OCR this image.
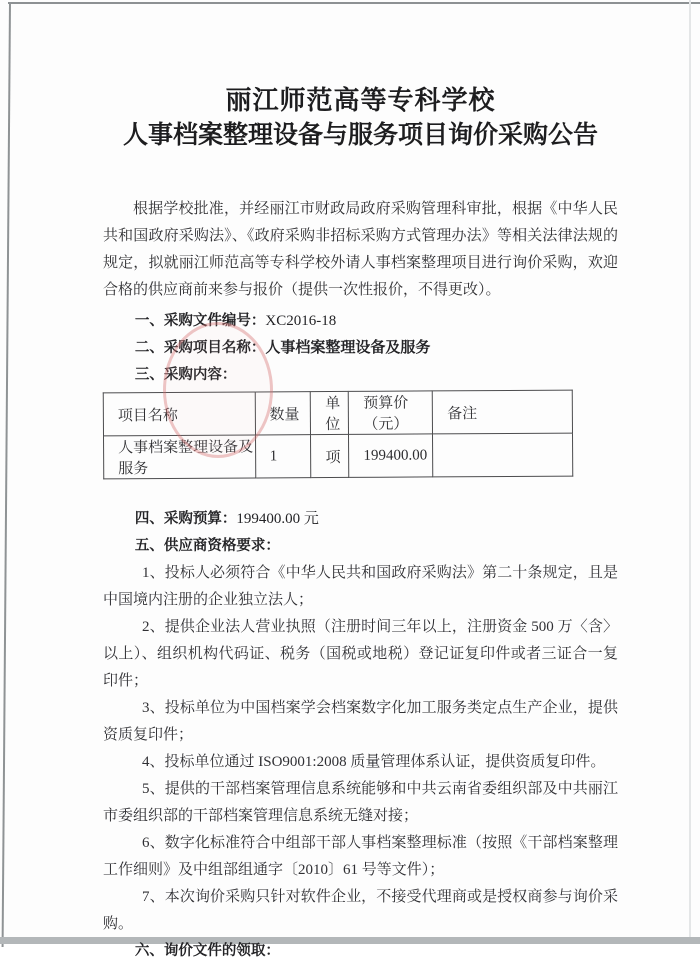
丽江师范高等专科学校

人事档案整理设备与服务项目询价采购公告

根据学校批准，并经丽江市财政局政府采购管理科审批，根据《中华人民共和国政府采购法》、《政府采购非招标采购方式管理办法》等相关法律法规的规定，拟就丽江师范高等专科学校外请人事档案整理项目进行询价采购，欢迎合格的供应商前来参与报价（提供一次性报价，不得更改）。

一、采购文件编号：XC2016-18

二、采购项目名称：人事档案整理设备及服务

三、采购内容：

项目名称	数量	单位	预算价（元）	备注
人事档案整理设备及服务	1	项	199400.00	

四、采购预算：199400.00 元

五、供应商资格要求：

1、投标人必须符合《中华人民共和国政府采购法》第二十条规定，且是中国境内注册的企业独立法人；

2、提供企业法人营业执照（注册时间三年以上，注册资金 500 万〈含〉以上）、组织机构代码证、税务（国税或地税）登记证复印件或者三证合一复印件；

3、投标单位为中国档案学会档案数字化加工服务类定点生产企业，提供资质复印件；

4、投标单位通过 ISO9001:2008 质量管理体系认证，提供资质复印件。

5、提供的干部档案管理信息系统能够和中共云南省委组织部及中共丽江市委组织部的干部档案管理信息系统无缝对接；

6、数字化标准符合中组部干部人事档案整理标准（按照《干部档案整理工作细则》及中组部组通字〔2010〕61 号等文件）；

7、本次询价采购只针对软件企业，不接受代理商或是授权商参与询价采购。

六、询价文件的领取：
